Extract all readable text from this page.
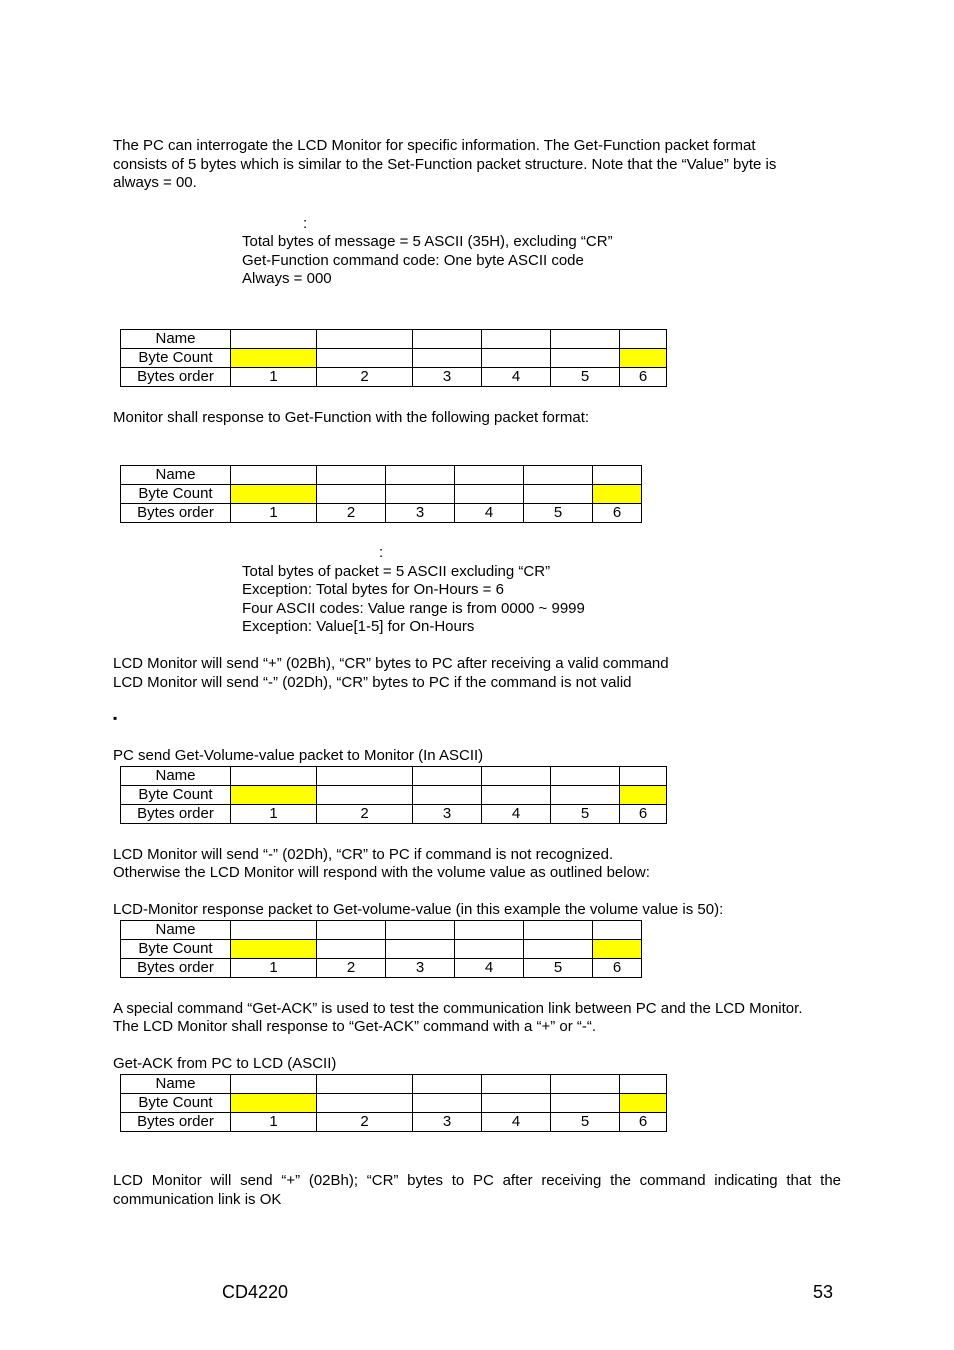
The PC can interrogate the LCD Monitor for specific information. The Get-Function packet format
consists of 5 bytes which is similar to the Set-Function packet structure. Note that the “Value” byte is
always = 00.
:
Total bytes of message = 5 ASCII (35H), excluding “CR”
Get-Function command code: One byte ASCII code
Always = 000
Name						
Byte Count						
Bytes order	1	2	3	4	5	6
Monitor shall response to Get-Function with the following packet format:
Name						
Byte Count						
Bytes order	1	2	3	4	5	6
:
Total bytes of packet = 5 ASCII excluding “CR”
Exception: Total bytes for On-Hours = 6
Four ASCII codes: Value range is from 0000 ~ 9999
Exception: Value[1-5] for On-Hours
LCD Monitor will send “+” (02Bh), “CR” bytes to PC after receiving a valid command
LCD Monitor will send “-” (02Dh), “CR” bytes to PC if the command is not valid
▪
PC send Get-Volume-value packet to Monitor (In ASCII)
Name						
Byte Count						
Bytes order	1	2	3	4	5	6
LCD Monitor will send “-” (02Dh), “CR” to PC if command is not recognized.
Otherwise the LCD Monitor will respond with the volume value as outlined below:
LCD-Monitor response packet to Get-volume-value (in this example the volume value is 50):
Name						
Byte Count						
Bytes order	1	2	3	4	5	6
A special command “Get-ACK” is used to test the communication link between PC and the LCD Monitor.
The LCD Monitor shall response to “Get-ACK” command with a “+” or “-“.
Get-ACK from PC to LCD (ASCII)
Name						
Byte Count						
Bytes order	1	2	3	4	5	6
LCD Monitor will send “+” (02Bh); “CR” bytes to PC after receiving the command indicating that the communication link is OK
CD4220	53
